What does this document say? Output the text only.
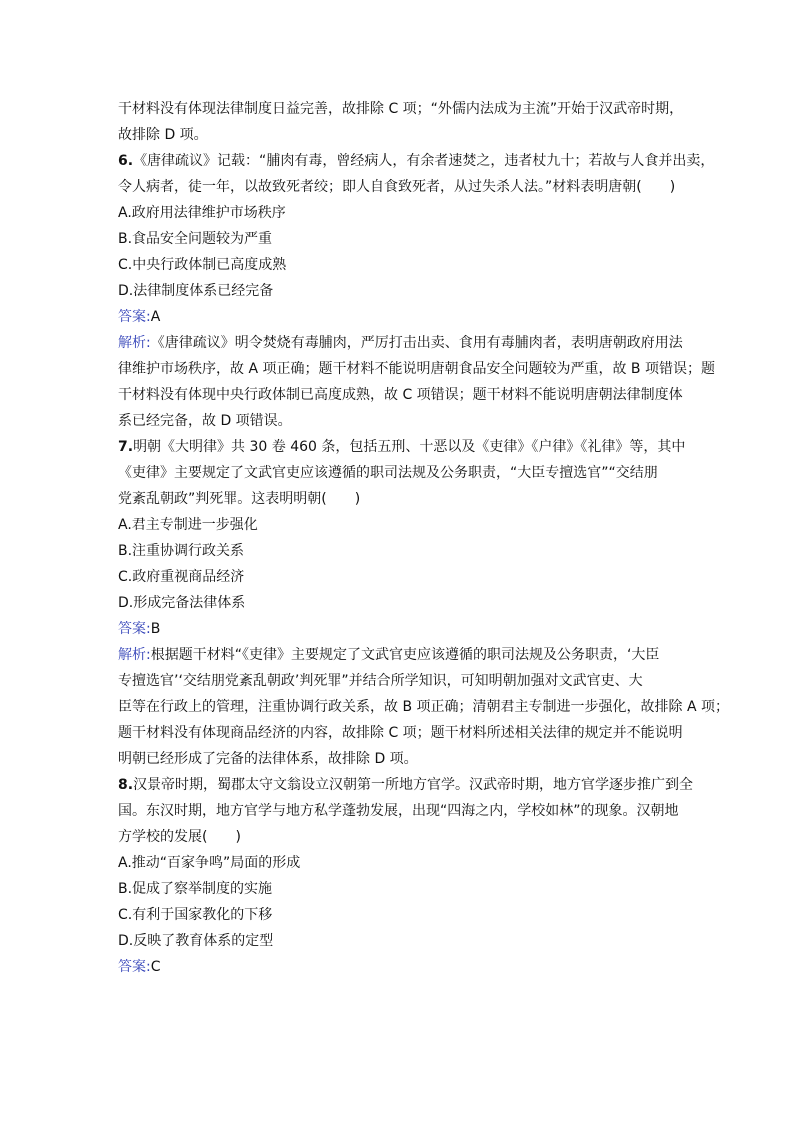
干材料没有体现法律制度日益完善，故排除 C 项；“外儒内法成为主流”开始于汉武帝时期，
故排除 D 项。
6.《唐律疏议》记载：“脯肉有毒，曾经病人，有余者速焚之，违者杖九十；若故与人食并出卖，
令人病者，徒一年，以故致死者绞；即人自食致死者，从过失杀人法。”材料表明唐朝(　　)
A.政府用法律维护市场秩序
B.食品安全问题较为严重
C.中央行政体制已高度成熟
D.法律制度体系已经完备
答案:A
解析:《唐律疏议》明令焚烧有毒脯肉，严厉打击出卖、食用有毒脯肉者，表明唐朝政府用法
律维护市场秩序，故 A 项正确；题干材料不能说明唐朝食品安全问题较为严重，故 B 项错误；题
干材料没有体现中央行政体制已高度成熟，故 C 项错误；题干材料不能说明唐朝法律制度体
系已经完备，故 D 项错误。
7.明朝《大明律》共 30 卷 460 条，包括五刑、十恶以及《吏律》《户律》《礼律》等，其中
《吏律》主要规定了文武官吏应该遵循的职司法规及公务职责，“大臣专擅选官”“交结朋
党紊乱朝政”判死罪。这表明明朝(　　)
A.君主专制进一步强化
B.注重协调行政关系
C.政府重视商品经济
D.形成完备法律体系
答案:B
解析:根据题干材料“《吏律》主要规定了文武官吏应该遵循的职司法规及公务职责，‘大臣
专擅选官’‘交结朋党紊乱朝政’判死罪”并结合所学知识，可知明朝加强对文武官吏、大
臣等在行政上的管理，注重协调行政关系，故 B 项正确；清朝君主专制进一步强化，故排除 A 项；
题干材料没有体现商品经济的内容，故排除 C 项；题干材料所述相关法律的规定并不能说明
明朝已经形成了完备的法律体系，故排除 D 项。
8.汉景帝时期，蜀郡太守文翁设立汉朝第一所地方官学。汉武帝时期，地方官学逐步推广到全
国。东汉时期，地方官学与地方私学蓬勃发展，出现“四海之内，学校如林”的现象。汉朝地
方学校的发展(　　)
A.推动“百家争鸣”局面的形成
B.促成了察举制度的实施
C.有利于国家教化的下移
D.反映了教育体系的定型
答案:C
